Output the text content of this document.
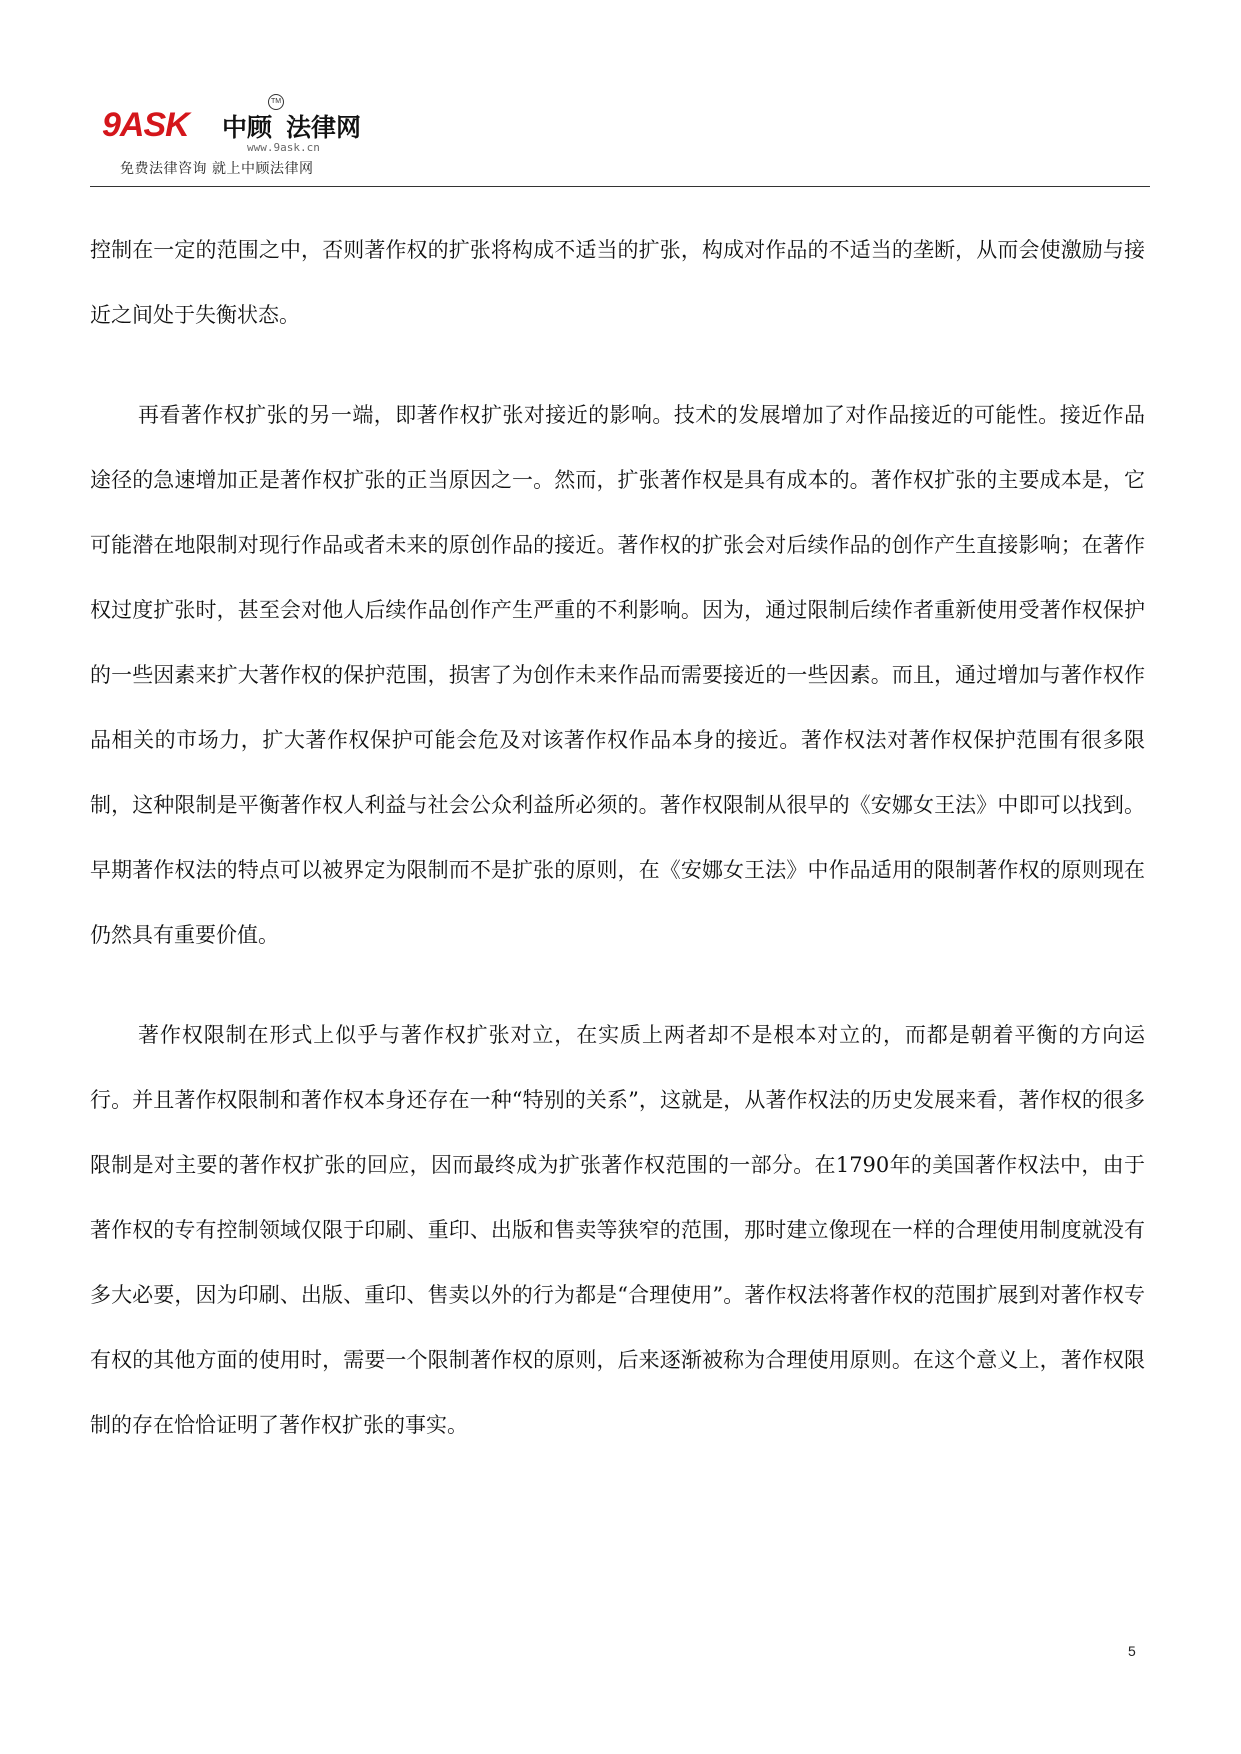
9ASK
TM
中顾 法律网
www.9ask.cn
免费法律咨询 就上中顾法律网

控制在一定的范围之中，否则著作权的扩张将构成不适当的扩张，构成对作品的不适当的垄断，从而会使激励与接近之间处于失衡状态。

再看著作权扩张的另一端，即著作权扩张对接近的影响。技术的发展增加了对作品接近的可能性。接近作品途径的急速增加正是著作权扩张的正当原因之一。然而，扩张著作权是具有成本的。著作权扩张的主要成本是，它可能潜在地限制对现行作品或者未来的原创作品的接近。著作权的扩张会对后续作品的创作产生直接影响；在著作权过度扩张时，甚至会对他人后续作品创作产生严重的不利影响。因为，通过限制后续作者重新使用受著作权保护的一些因素来扩大著作权的保护范围，损害了为创作未来作品而需要接近的一些因素。而且，通过增加与著作权作品相关的市场力，扩大著作权保护可能会危及对该著作权作品本身的接近。著作权法对著作权保护范围有很多限制，这种限制是平衡著作权人利益与社会公众利益所必须的。著作权限制从很早的《安娜女王法》中即可以找到。早期著作权法的特点可以被界定为限制而不是扩张的原则，在《安娜女王法》中作品适用的限制著作权的原则现在仍然具有重要价值。

著作权限制在形式上似乎与著作权扩张对立，在实质上两者却不是根本对立的，而都是朝着平衡的方向运行。并且著作权限制和著作权本身还存在一种“特别的关系”，这就是，从著作权法的历史发展来看，著作权的很多限制是对主要的著作权扩张的回应，因而最终成为扩张著作权范围的一部分。在1790年的美国著作权法中，由于著作权的专有控制领域仅限于印刷、重印、出版和售卖等狭窄的范围，那时建立像现在一样的合理使用制度就没有多大必要，因为印刷、出版、重印、售卖以外的行为都是“合理使用”。著作权法将著作权的范围扩展到对著作权专有权的其他方面的使用时，需要一个限制著作权的原则，后来逐渐被称为合理使用原则。在这个意义上，著作权限制的存在恰恰证明了著作权扩张的事实。

5
